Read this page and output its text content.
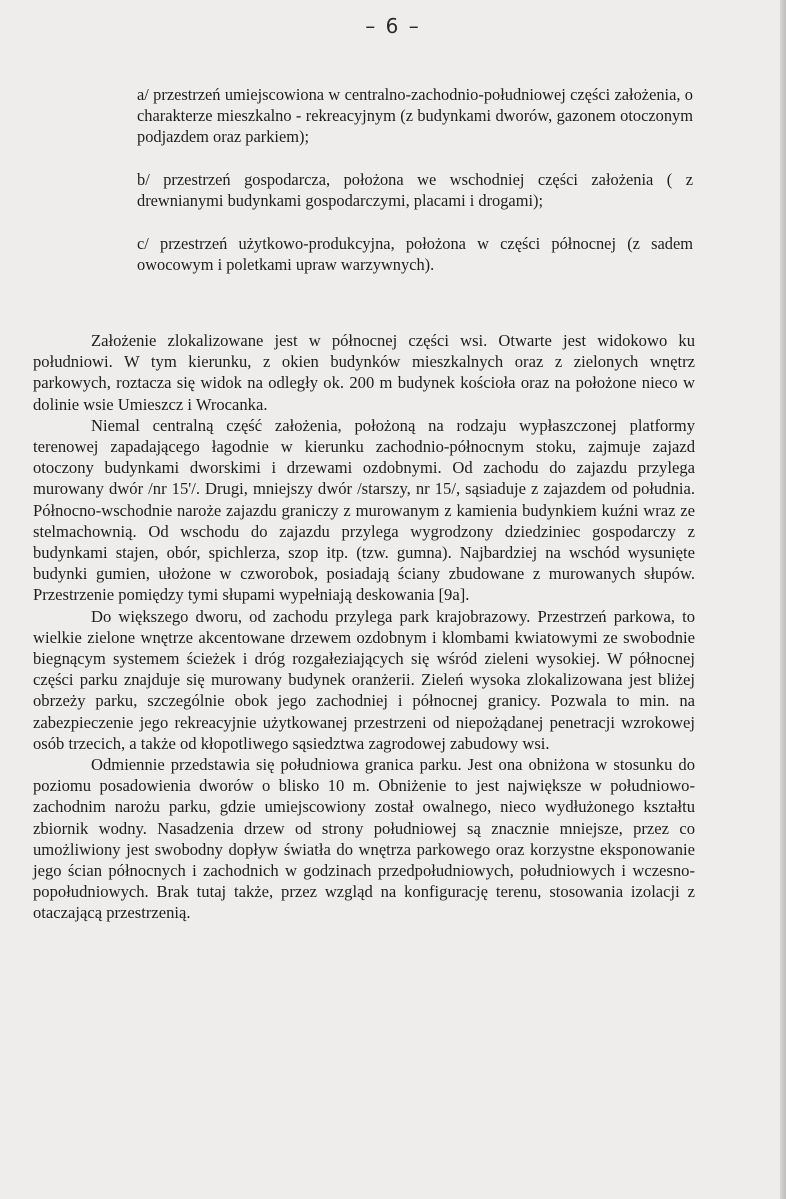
– 6 –

a/ przestrzeń umiejscowiona w centralno-zachodnio-południowej części założenia, o charakterze mieszkalno - rekreacyjnym (z budynkami dworów, gazonem otoczonym podjazdem oraz parkiem);

b/ przestrzeń gospodarcza, położona we wschodniej części założenia ( z drewnianymi budynkami gospodarczymi, placami i drogami);

c/ przestrzeń użytkowo-produkcyjna, położona w części północnej (z sadem owocowym i poletkami upraw warzywnych).

Założenie zlokalizowane jest w północnej części wsi. Otwarte jest widokowo ku południowi. W tym kierunku, z okien budynków mieszkalnych oraz z zielonych wnętrz parkowych, roztacza się widok na odległy ok. 200 m budynek kościoła oraz na położone nieco w dolinie wsie Umieszcz i Wrocanka.

Niemal centralną część założenia, położoną na rodzaju wypłaszczonej platformy terenowej zapadającego łagodnie w kierunku zachodnio-północnym stoku, zajmuje zajazd otoczony budynkami dworskimi i drzewami ozdobnymi. Od zachodu do zajazdu przylega murowany dwór /nr 15'/. Drugi, mniejszy dwór /starszy, nr 15/, sąsiaduje z zajazdem od południa. Północno-wschodnie naroże zajazdu graniczy z murowanym z kamienia budynkiem kuźni wraz ze stelmachownią. Od wschodu do zajazdu przylega wygrodzony dziedziniec gospodarczy z budynkami stajen, obór, spichlerza, szop itp. (tzw. gumna). Najbardziej na wschód wysunięte budynki gumien, ułożone w czworobok, posiadają ściany zbudowane z murowanych słupów. Przestrzenie pomiędzy tymi słupami wypełniają deskowania [9a].

Do większego dworu, od zachodu przylega park krajobrazowy. Przestrzeń parkowa, to wielkie zielone wnętrze akcentowane drzewem ozdobnym i klombami kwiatowymi ze swobodnie biegnącym systemem ścieżek i dróg rozgałeziających się wśród zieleni wysokiej. W północnej części parku znajduje się murowany budynek oranżerii. Zieleń wysoka zlokalizowana jest bliżej obrzeży parku, szczególnie obok jego zachodniej i północnej granicy. Pozwala to min. na zabezpieczenie jego rekreacyjnie użytkowanej przestrzeni od niepożądanej penetracji wzrokowej osób trzecich, a także od kłopotliwego sąsiedztwa zagrodowej zabudowy wsi.

Odmiennie przedstawia się południowa granica parku. Jest ona obniżona w stosunku do poziomu posadowienia dworów o blisko 10 m. Obniżenie to jest największe w południowo-zachodnim narożu parku, gdzie umiejscowiony został owalnego, nieco wydłużonego kształtu zbiornik wodny. Nasadzenia drzew od strony południowej są znacznie mniejsze, przez co umożliwiony jest swobodny dopływ światła do wnętrza parkowego oraz korzystne eksponowanie jego ścian północnych i zachodnich w godzinach przedpołudniowych, południowych i wczesno-popołudniowych. Brak tutaj także, przez wzgląd na konfigurację terenu, stosowania izolacji z otaczającą przestrzenią.
